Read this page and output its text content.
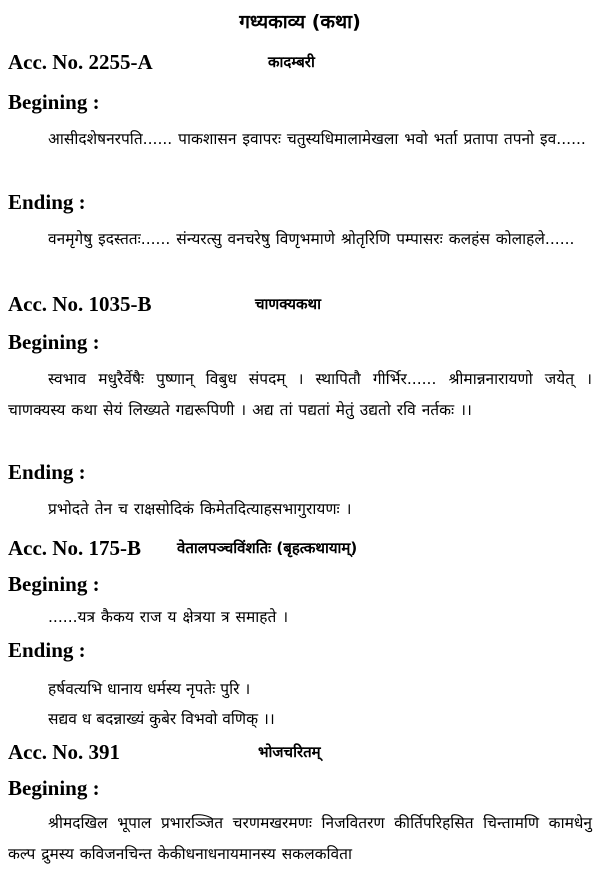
गध्यकाव्य (कथा)
Acc. No. 2255-A	कादम्बरी
Begining :
आसीदशेषनरपति...... पाकशासन इवापरः चतुस्यधिमालामेखला भवो भर्ता प्रतापा तपनो इव......
Ending :
वनमृगेषु इदस्ततः...... संन्यरत्सु वनचरेषु विणृभमाणे श्रोतृरिणि पम्पासरः कलहंस कोलाहले......
Acc. No. 1035-B	चाणक्यकथा
Begining :
स्वभाव मधुरैर्वेषैः पुष्णान् विबुध संपदम् । स्थापितौ गीर्भिर...... श्रीमान्ननारायणो जयेत् । चाणक्यस्य कथा सेयं लिख्यते गद्यरूपिणी । अद्य तां पद्यतां मेतुं उद्यतो रवि नर्तकः ।।
Ending :
प्रभोदते तेन च राक्षसोदिकं किमेतदित्याहसभागुरायणः ।
Acc. No. 175-B वेतालपञ्चविंशतिः (बृहत्कथायाम्)
Begining :
......यत्र कैकय राज य क्षेत्रया त्र समाहते ।
Ending :
हर्षवत्यभि धानाय धर्मस्य नृपतेः पुरि ।
सद्यव ध बदन्नाख्यं कुबेर विभवो वणिक् ।।
Acc. No. 391	भोजचरितम्
Begining :
श्रीमदखिल भूपाल प्रभारञ्जित चरणमखरमणः निजवितरण कीर्तिपरिहसित चिन्तामणि कामधेनु कल्प द्रुमस्य कविजनचिन्त केकीधनाधनायमानस्य सकलकविता
